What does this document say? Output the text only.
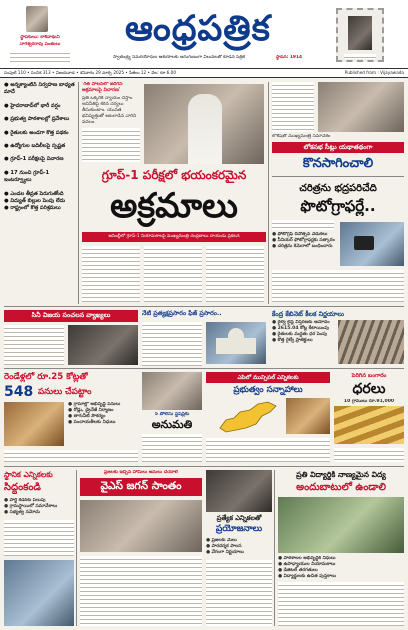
స్థాపకులు: కాశీనాథుని
నాగేశ్వరరావు పంతులు	ఆంధ్రపత్రిక
స్వాతంత్ర్య సమరయోధుల ఆశయాలకు అనుగుణంగా విలువలతో కూడిన పత్రిక	స్థాపన: 1914
సంపుటి 110 • సంచిక 313 • విజయవాడ • శనివారం 29 మార్చి 2025 • పేజీలు 12 • వెల: రూ.6.00	Published from : Vijayawada
● అన్నక్యాంటీన్ నిర్వహణ బాధ్యత మాదే

● హైదరాబాద్‌లో భారీ వర్షం

● ప్రభుత్వ పాఠశాలల్లో ప్రవేశాలు

● రైతులకు అండగా కొత్త పథకం

● ఉద్యోగుల బదిలీలపై స్పష్టత

● గ్రూప్-1 పరీక్షలపై విచారణ

● 17 నుంచి గ్రూప్-1 ఇంటర్వ్యూలు

● ఎండల తీవ్రత పెరుగుతోంది
● విద్యుత్ బిల్లుల పెంపు లేదు
● రాష్ట్రంలో కొత్త పరిశ్రమలు
'గత పాలనలో జరిగిన అక్రమాలపై విచారణ'
ప్రతి ఒక్కరికి న్యాయం చేస్తాం. అవినీతిపై కఠిన చర్యలు తీసుకుంటాం. యువత భవిష్యత్తుతో ఆటలాడిన వారిని వదలం.
గ్రూప్-1 పరీక్షలో భయంకరమైన
అక్రమాలు
అసెంబ్లీలో గ్రూప్-1 నియామకాలపై ముఖ్యమంత్రి చంద్రబాబు నాయుడు ప్రకటన
లోకేష్‌తో ముఖ్యమంత్రి సమావేశం
లోకసభ సీట్లు యథాతథంగా
కొనసాగించాలి
చరిత్రను భద్రపరిచేది
ఫొటోగ్రాఫర్లే..
● ఫోటోగ్రఫీ దినోత్సవ వేడుకలు
● సీనియర్ ఫోటోగ్రాఫర్లకు సత్కారం
● చరిత్రను కెమెరాలో బంధించారు
సినీ విజయ సంచలన వ్యాఖ్యలు	నేటి ప్రత్యక్షప్రసారం ఫీజ్ ప్రసారం..	కేంద్ర కేబినెట్ కీలక నిర్ణయాలు
● రైల్వే లైన్ల విస్తరణకు ఆమోదం
● 2615.04 కోట్ల కేటాయింపు
● రైతులకు మద్దతు ధర పెంపు
● కొత్త రైల్వే ప్రాజెక్టులు
రెండేళ్లలో రూ.25 కోట్లతో
548 పనులు చేపట్టాం
● గ్రామాల్లో అభివృద్ధి పనులు
● రోడ్లు, డ్రైనేజీ నిర్మాణం
● తాగునీటి సౌకర్యం
● పంచాయతీలకు నిధులు
5 పోలీసు స్టేషన్లకు
అనుమతి
ఎపిలో మున్సిపల్ ఎన్నికలకు
ప్రభుత్వం సన్నాహాలు
పెరిగిన బంగారం
ధరలు
10 గ్రాములు రూ.91,000
స్థానిక ఎన్నికలకు
సిద్ధంకండి
● పార్టీ కేడర్‌కు పిలుపు
● గ్రామస్థాయిలో సమావేశాలు
● సభ్యత్వ నమోదు
ప్రజలకు ఇచ్చిన హామీలు అమలు చేయాలి
వైఎస్ జగన్ సాంతం
ప్రత్యేక ఎన్నికలతో
ప్రయోజనాలు
● ప్రజలకు మేలు
● పారదర్శక పాలన
● వేగంగా నిర్ణయాలు
ప్రతి విద్యార్థికి నాణ్యమైన విద్య
అందుబాటులో ఉండాలి
● పాఠశాలల అభివృద్ధికి నిధులు
● ఉపాధ్యాయుల నియామకాలు
● డిజిటల్ తరగతులు
● విద్యార్థులకు ఉచిత పుస్తకాలు
